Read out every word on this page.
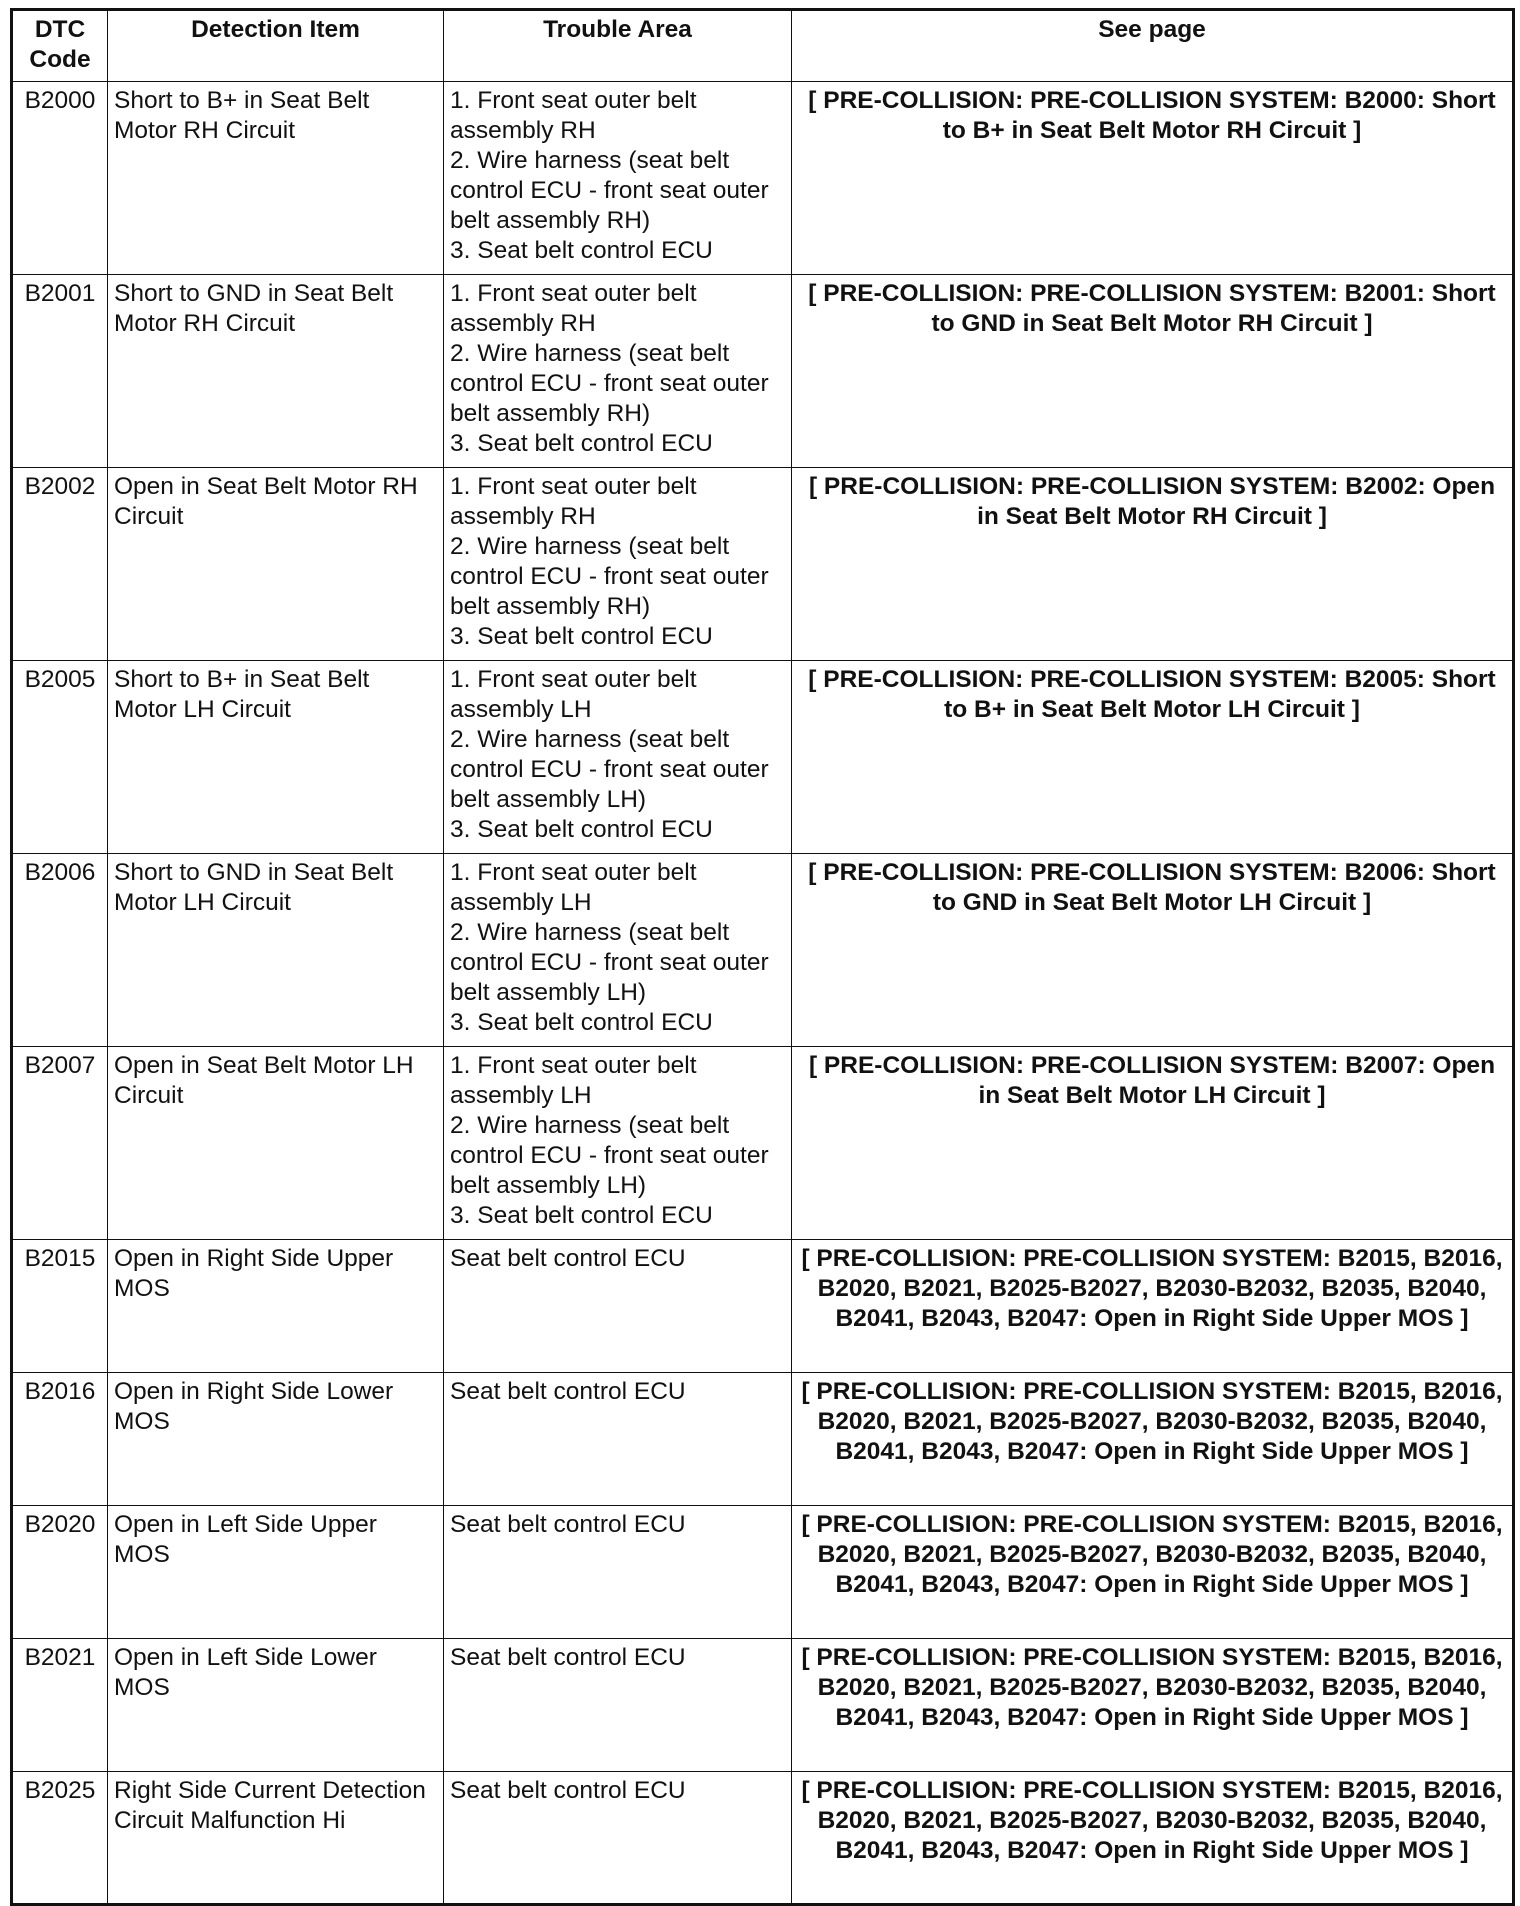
DTC Code	Detection Item	Trouble Area	See page
B2000	Short to B+ in Seat Belt Motor RH Circuit	1. Front seat outer belt assembly RH
2. Wire harness (seat belt control ECU - front seat outer belt assembly RH)
3. Seat belt control ECU	[ PRE-COLLISION: PRE-COLLISION SYSTEM: B2000: Short to B+ in Seat Belt Motor RH Circuit ]
B2001	Short to GND in Seat Belt Motor RH Circuit	1. Front seat outer belt assembly RH
2. Wire harness (seat belt control ECU - front seat outer belt assembly RH)
3. Seat belt control ECU	[ PRE-COLLISION: PRE-COLLISION SYSTEM: B2001: Short to GND in Seat Belt Motor RH Circuit ]
B2002	Open in Seat Belt Motor RH Circuit	1. Front seat outer belt assembly RH
2. Wire harness (seat belt control ECU - front seat outer belt assembly RH)
3. Seat belt control ECU	[ PRE-COLLISION: PRE-COLLISION SYSTEM: B2002: Open in Seat Belt Motor RH Circuit ]
B2005	Short to B+ in Seat Belt Motor LH Circuit	1. Front seat outer belt assembly LH
2. Wire harness (seat belt control ECU - front seat outer belt assembly LH)
3. Seat belt control ECU	[ PRE-COLLISION: PRE-COLLISION SYSTEM: B2005: Short to B+ in Seat Belt Motor LH Circuit ]
B2006	Short to GND in Seat Belt Motor LH Circuit	1. Front seat outer belt assembly LH
2. Wire harness (seat belt control ECU - front seat outer belt assembly LH)
3. Seat belt control ECU	[ PRE-COLLISION: PRE-COLLISION SYSTEM: B2006: Short to GND in Seat Belt Motor LH Circuit ]
B2007	Open in Seat Belt Motor LH Circuit	1. Front seat outer belt assembly LH
2. Wire harness (seat belt control ECU - front seat outer belt assembly LH)
3. Seat belt control ECU	[ PRE-COLLISION: PRE-COLLISION SYSTEM: B2007: Open in Seat Belt Motor LH Circuit ]
B2015	Open in Right Side Upper MOS	Seat belt control ECU	[ PRE-COLLISION: PRE-COLLISION SYSTEM: B2015, B2016, B2020, B2021, B2025-B2027, B2030-B2032, B2035, B2040, B2041, B2043, B2047: Open in Right Side Upper MOS ]
B2016	Open in Right Side Lower MOS	Seat belt control ECU	[ PRE-COLLISION: PRE-COLLISION SYSTEM: B2015, B2016, B2020, B2021, B2025-B2027, B2030-B2032, B2035, B2040, B2041, B2043, B2047: Open in Right Side Upper MOS ]
B2020	Open in Left Side Upper MOS	Seat belt control ECU	[ PRE-COLLISION: PRE-COLLISION SYSTEM: B2015, B2016, B2020, B2021, B2025-B2027, B2030-B2032, B2035, B2040, B2041, B2043, B2047: Open in Right Side Upper MOS ]
B2021	Open in Left Side Lower MOS	Seat belt control ECU	[ PRE-COLLISION: PRE-COLLISION SYSTEM: B2015, B2016, B2020, B2021, B2025-B2027, B2030-B2032, B2035, B2040, B2041, B2043, B2047: Open in Right Side Upper MOS ]
B2025	Right Side Current Detection Circuit Malfunction Hi	Seat belt control ECU	[ PRE-COLLISION: PRE-COLLISION SYSTEM: B2015, B2016, B2020, B2021, B2025-B2027, B2030-B2032, B2035, B2040, B2041, B2043, B2047: Open in Right Side Upper MOS ]
